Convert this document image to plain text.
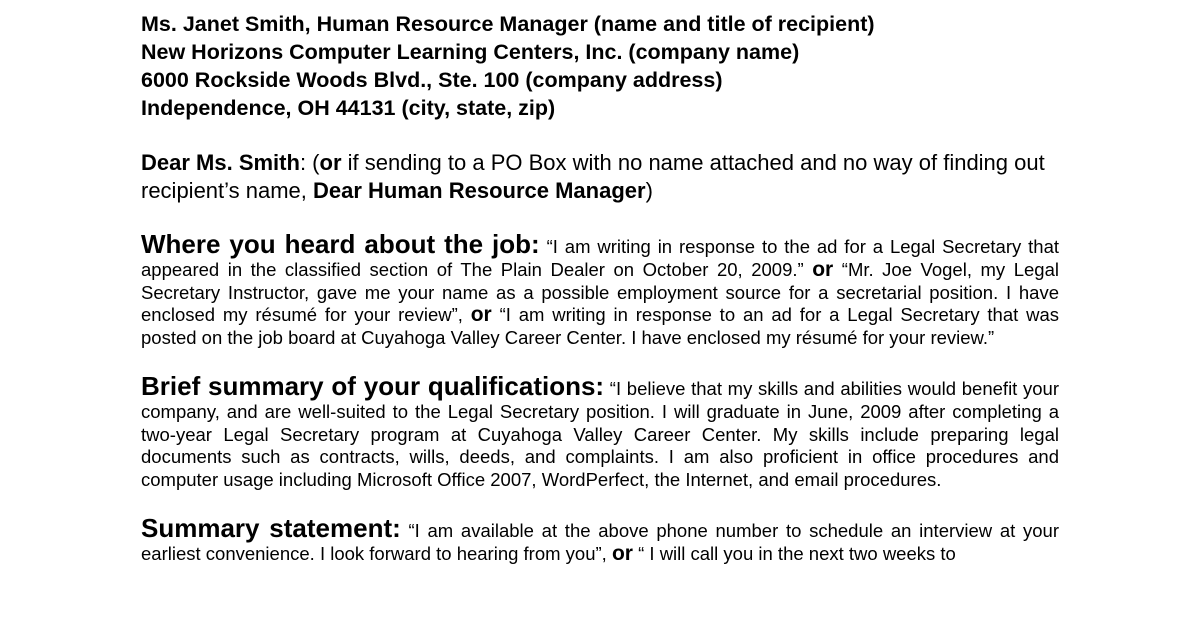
Ms. Janet Smith, Human Resource Manager (name and title of recipient)
New Horizons Computer Learning Centers, Inc. (company name)
6000 Rockside Woods Blvd., Ste. 100 (company address)
Independence, OH 44131 (city, state, zip)
Dear Ms. Smith: (or if sending to a PO Box with no name attached and no way of finding out recipient’s name, Dear Human Resource Manager)
Where you heard about the job: “I am writing in response to the ad for a Legal Secretary that appeared in the classified section of The Plain Dealer on October 20, 2009.” or “Mr. Joe Vogel, my Legal Secretary Instructor, gave me your name as a possible employment source for a secretarial position. I have enclosed my résumé for your review”, or “I am writing in response to an ad for a Legal Secretary that was posted on the job board at Cuyahoga Valley Career Center. I have enclosed my résumé for your review.”
Brief summary of your qualifications: “I believe that my skills and abilities would benefit your company, and are well-suited to the Legal Secretary position. I will graduate in June, 2009 after completing a two-year Legal Secretary program at Cuyahoga Valley Career Center. My skills include preparing legal documents such as contracts, wills, deeds, and complaints. I am also proficient in office procedures and computer usage including Microsoft Office 2007, WordPerfect, the Internet, and email procedures.
Summary statement: “I am available at the above phone number to schedule an interview at your earliest convenience. I look forward to hearing from you”, or “ I will call you in the next two weeks to
